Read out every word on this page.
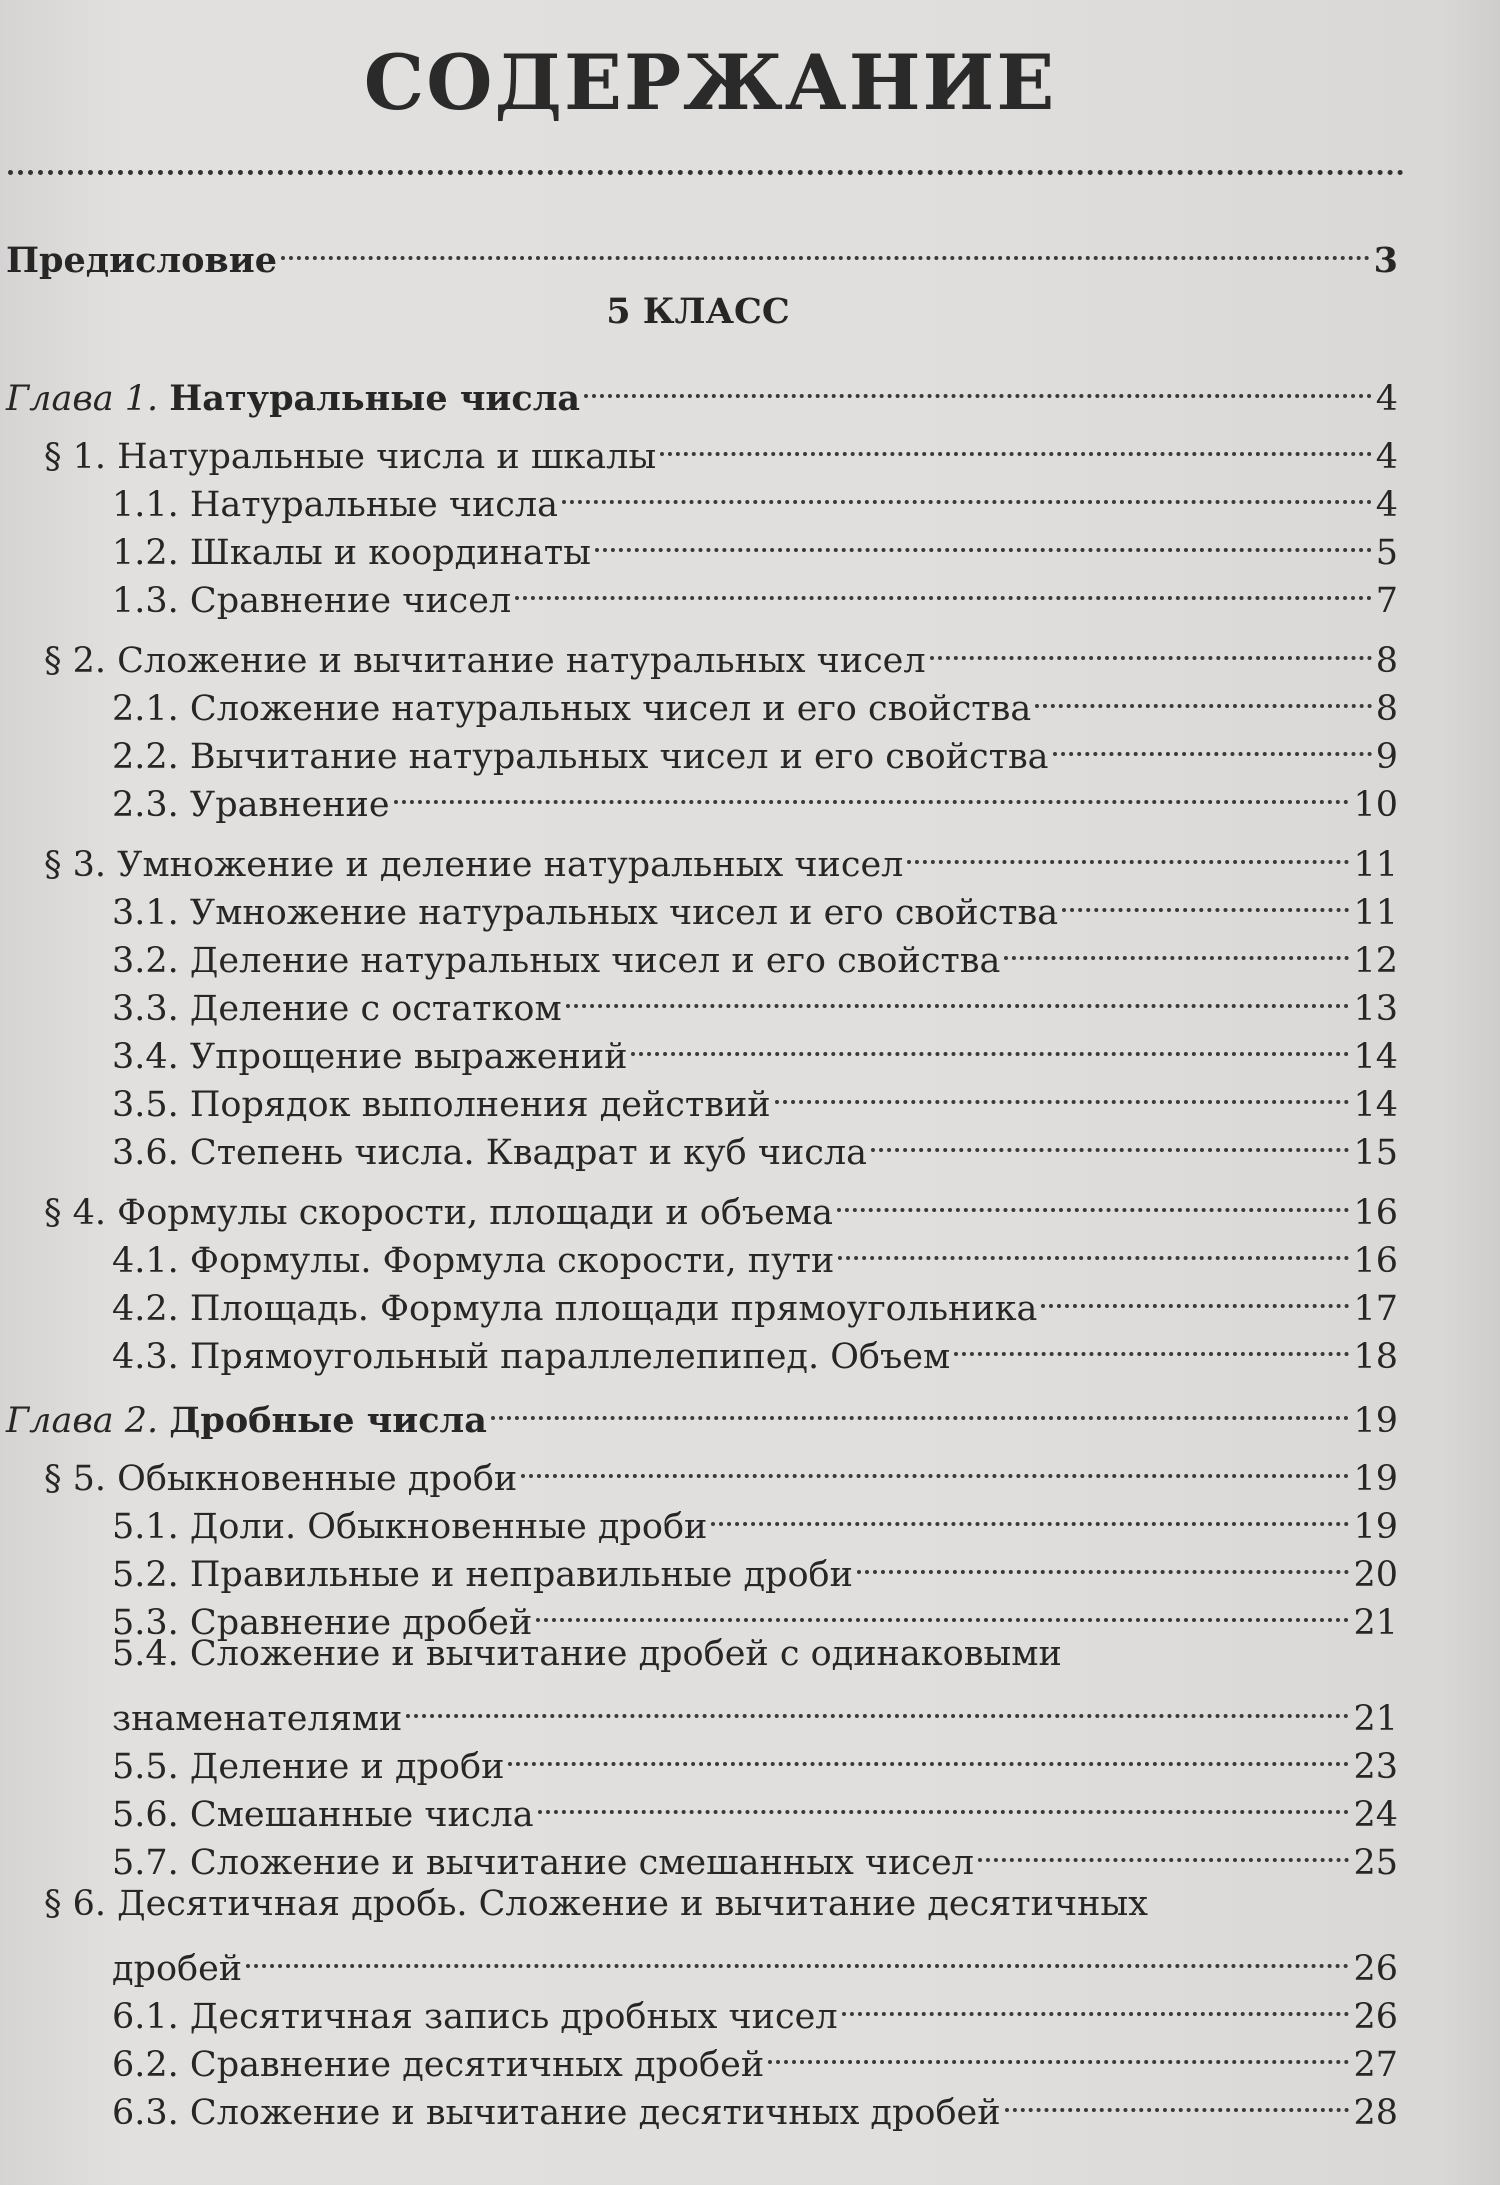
СОДЕРЖАНИЕ
Предисловие	3
5 КЛАСС
Глава 1. Натуральные числа	4
§ 1. Натуральные числа и шкалы	4
1.1. Натуральные числа	4
1.2. Шкалы и координаты	5
1.3. Сравнение чисел	7
§ 2. Сложение и вычитание натуральных чисел	8
2.1. Сложение натуральных чисел и его свойства	8
2.2. Вычитание натуральных чисел и его свойства	9
2.3. Уравнение	10
§ 3. Умножение и деление натуральных чисел	11
3.1. Умножение натуральных чисел и его свойства	11
3.2. Деление натуральных чисел и его свойства	12
3.3. Деление с остатком	13
3.4. Упрощение выражений	14
3.5. Порядок выполнения действий	14
3.6. Степень числа. Квадрат и куб числа	15
§ 4. Формулы скорости, площади и объема	16
4.1. Формулы. Формула скорости, пути	16
4.2. Площадь. Формула площади прямоугольника	17
4.3. Прямоугольный параллелепипед. Объем	18
Глава 2. Дробные числа	19
§ 5. Обыкновенные дроби	19
5.1. Доли. Обыкновенные дроби	19
5.2. Правильные и неправильные дроби	20
5.3. Сравнение дробей	21
5.4. Сложение и вычитание дробей с одинаковыми
знаменателями	21
5.5. Деление и дроби	23
5.6. Смешанные числа	24
5.7. Сложение и вычитание смешанных чисел	25
§ 6. Десятичная дробь. Сложение и вычитание десятичных
дробей	26
6.1. Десятичная запись дробных чисел	26
6.2. Сравнение десятичных дробей	27
6.3. Сложение и вычитание десятичных дробей	28
